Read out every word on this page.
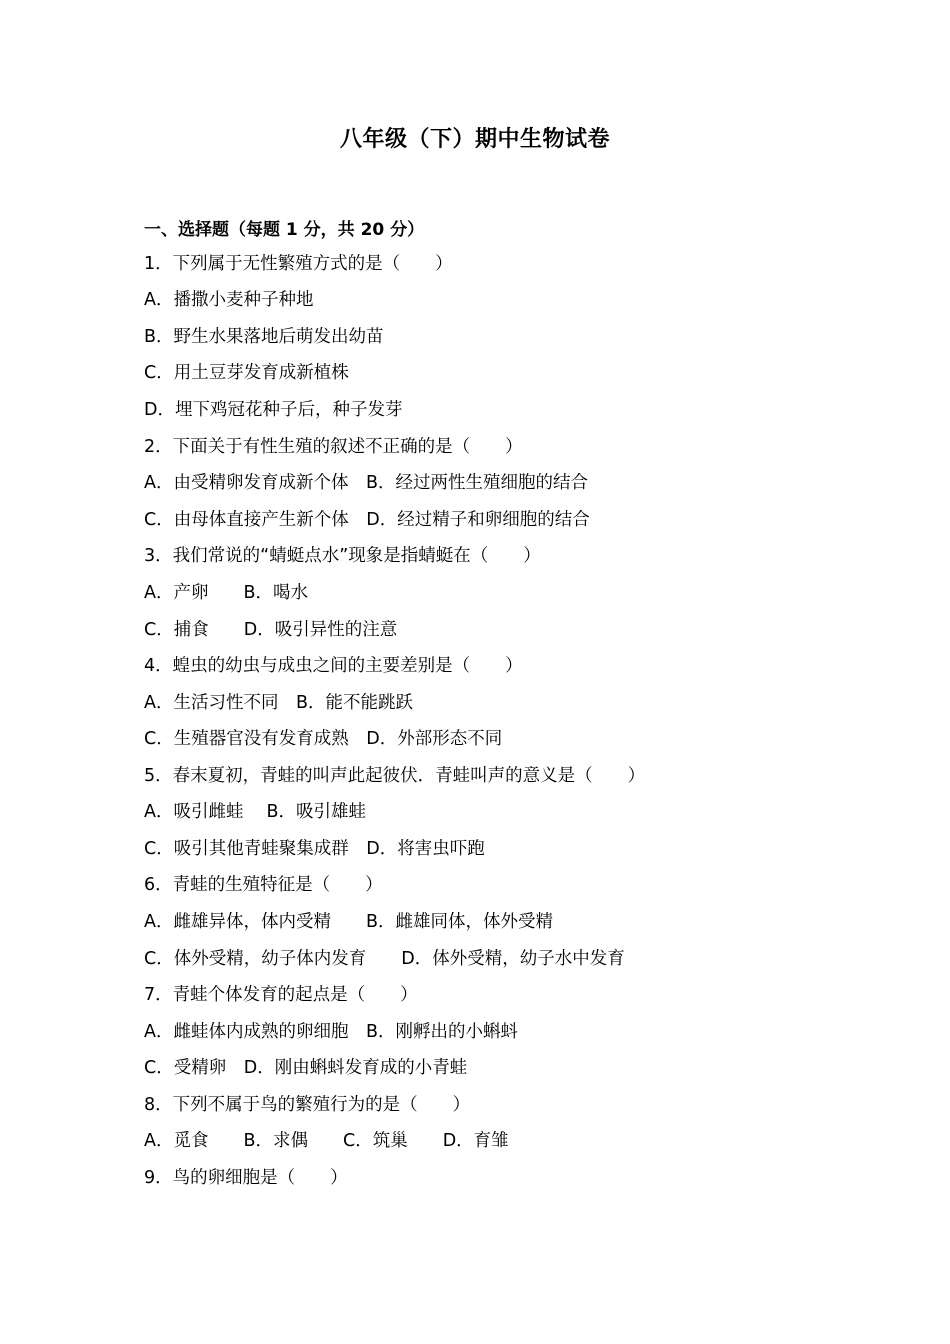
八年级（下）期中生物试卷
一、选择题（每题 1 分，共 20 分）
1．下列属于无性繁殖方式的是（　　）
A．播撒小麦种子种地
B．野生水果落地后萌发出幼苗
C．用土豆芽发育成新植株
D．埋下鸡冠花种子后，种子发芽
2．下面关于有性生殖的叙述不正确的是（　　）
A．由受精卵发育成新个体　B．经过两性生殖细胞的结合
C．由母体直接产生新个体　D．经过精子和卵细胞的结合
3．我们常说的“蜻蜓点水”现象是指蜻蜓在（　　）
A．产卵　　B．喝水
C．捕食　　D．吸引异性的注意
4．蝗虫的幼虫与成虫之间的主要差别是（　　）
A．生活习性不同　B．能不能跳跃
C．生殖器官没有发育成熟　D．外部形态不同
5．春末夏初，青蛙的叫声此起彼伏．青蛙叫声的意义是（　　）
A．吸引雌蛙　 B．吸引雄蛙
C．吸引其他青蛙聚集成群　D．将害虫吓跑
6．青蛙的生殖特征是（　　）
A．雌雄异体，体内受精　　B．雌雄同体，体外受精
C．体外受精，幼子体内发育　　D．体外受精，幼子水中发育
7．青蛙个体发育的起点是（　　）
A．雌蛙体内成熟的卵细胞　B．刚孵出的小蝌蚪
C．受精卵　D．刚由蝌蚪发育成的小青蛙
8．下列不属于鸟的繁殖行为的是（　　）
A．觅食　　B．求偶　　C．筑巢　　D．育雏
9．鸟的卵细胞是（　　）
